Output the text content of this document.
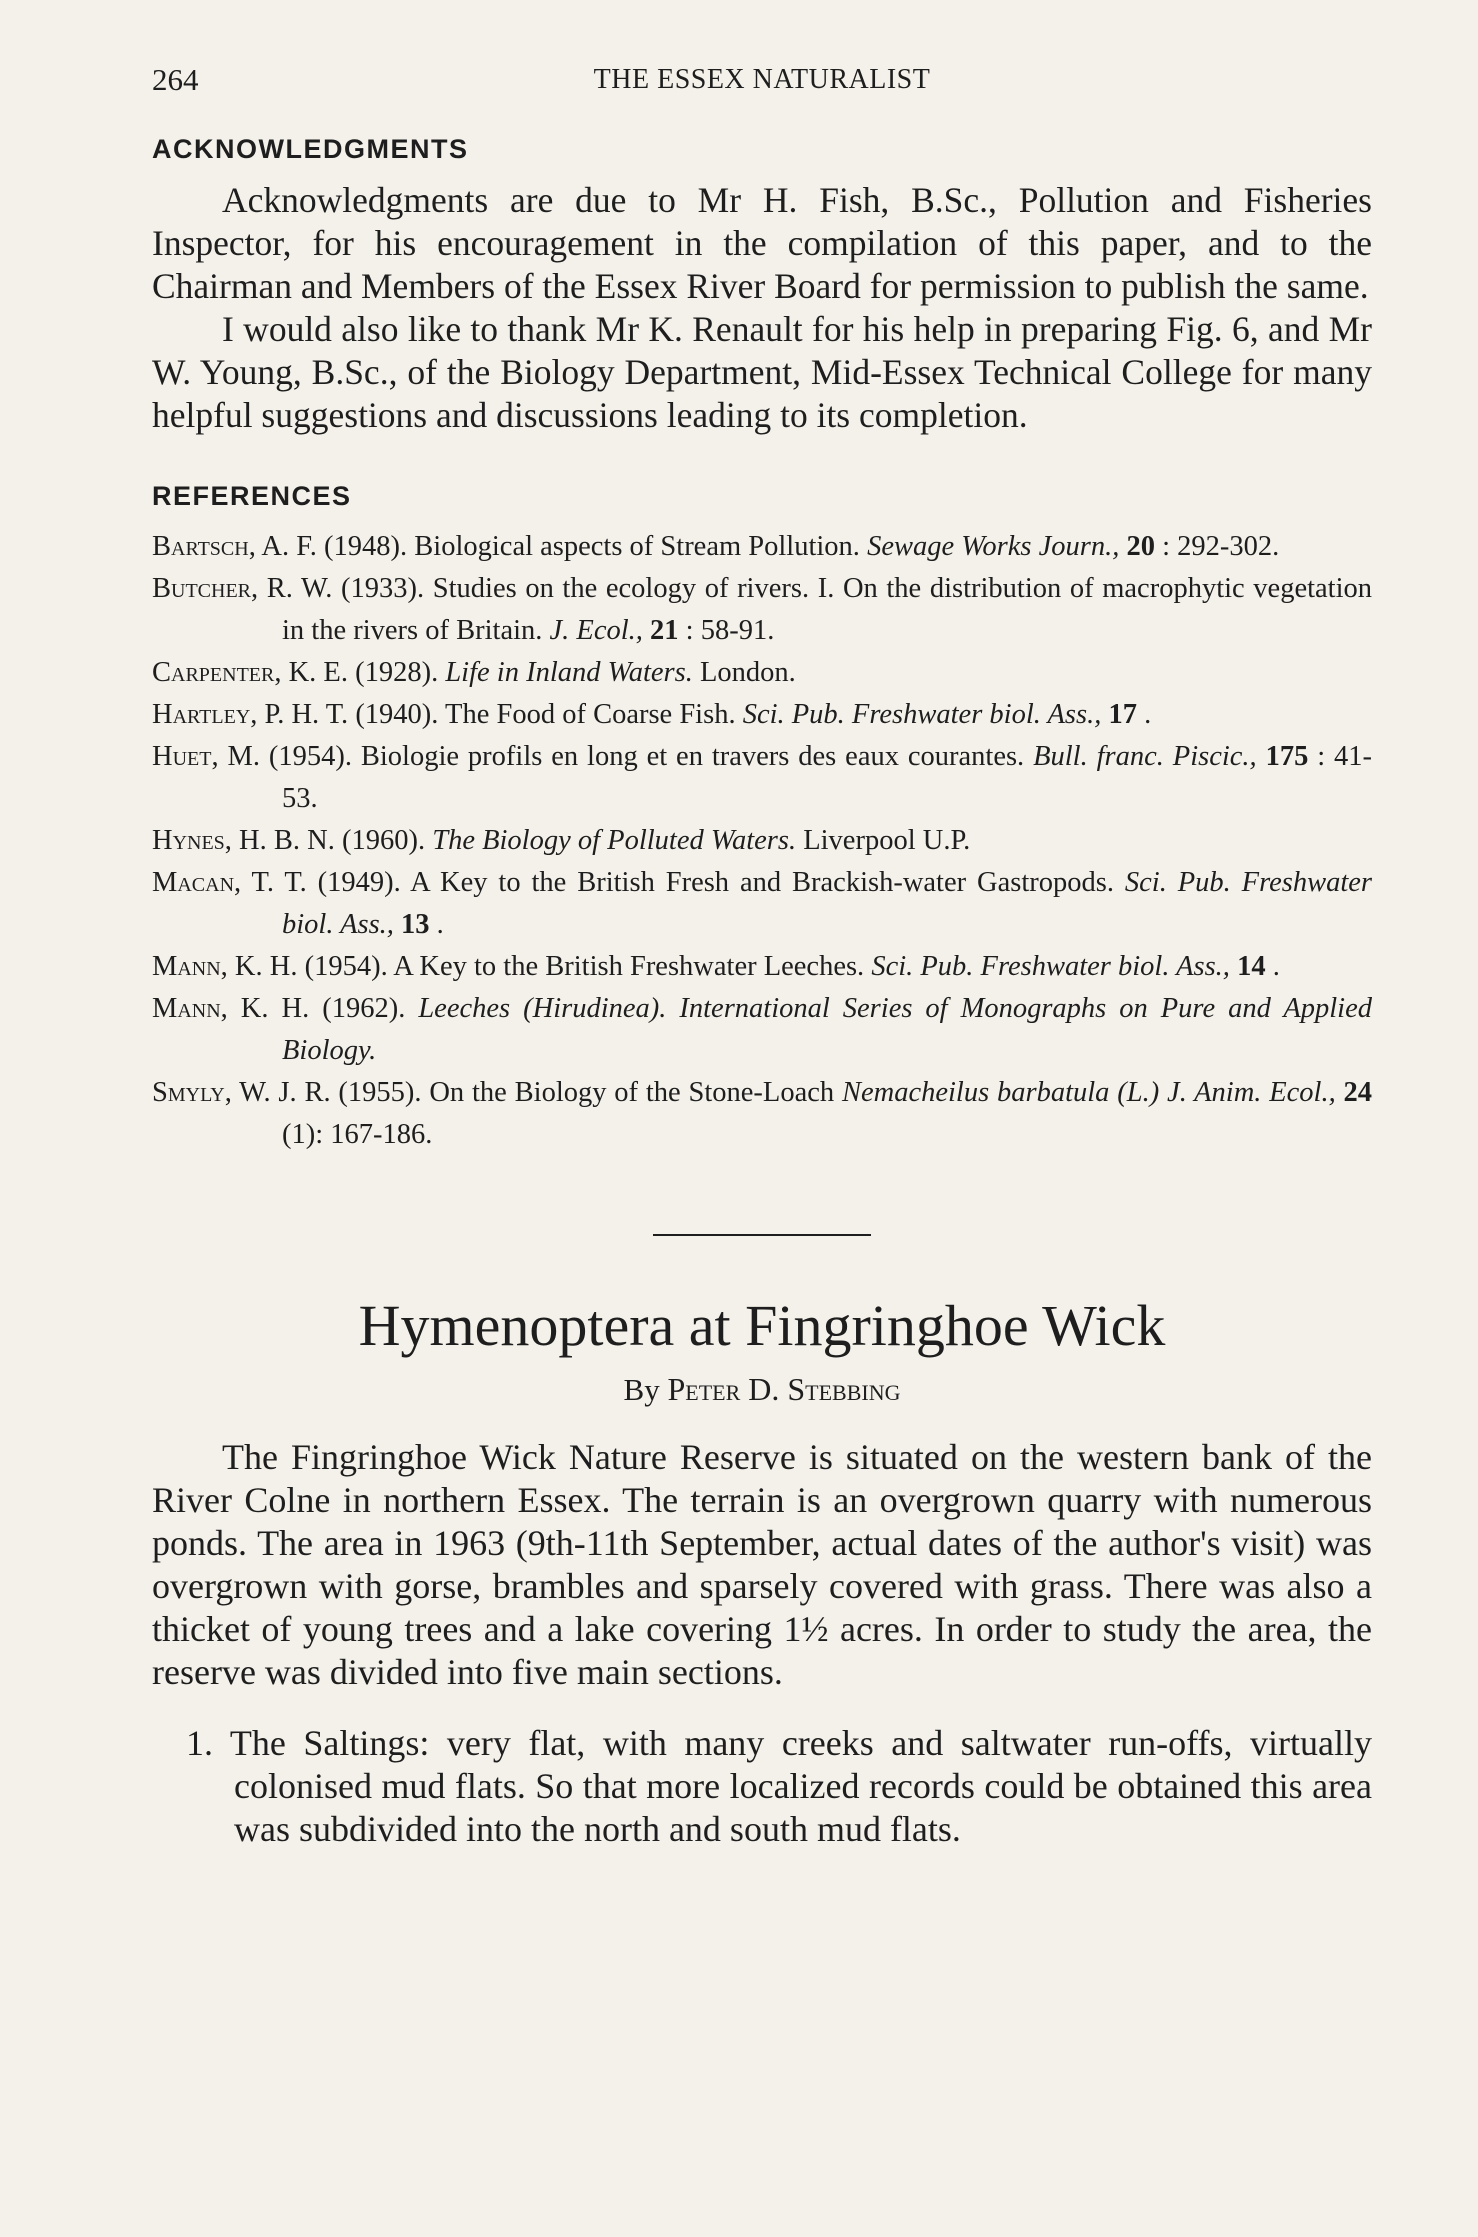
264	THE ESSEX NATURALIST
ACKNOWLEDGMENTS

Acknowledgments are due to Mr H. Fish, B.Sc., Pollution and Fisheries Inspector, for his encouragement in the compilation of this paper, and to the Chairman and Members of the Essex River Board for permission to publish the same.

I would also like to thank Mr K. Renault for his help in preparing Fig. 6, and Mr W. Young, B.Sc., of the Biology Department, Mid-Essex Technical College for many helpful suggestions and discussions leading to its completion.

REFERENCES

Bartsch, A. F. (1948). Biological aspects of Stream Pollution. Sewage Works Journ., 20 : 292-302.

Butcher, R. W. (1933). Studies on the ecology of rivers. I. On the distribution of macrophytic vegetation in the rivers of Britain. J. Ecol., 21 : 58-91.

Carpenter, K. E. (1928). Life in Inland Waters. London.

Hartley, P. H. T. (1940). The Food of Coarse Fish. Sci. Pub. Freshwater biol. Ass., 17 .

Huet, M. (1954). Biologie profils en long et en travers des eaux courantes. Bull. franc. Piscic., 175 : 41-53.

Hynes, H. B. N. (1960). The Biology of Polluted Waters. Liverpool U.P.

Macan, T. T. (1949). A Key to the British Fresh and Brackish-water Gastropods. Sci. Pub. Freshwater biol. Ass., 13 .

Mann, K. H. (1954). A Key to the British Freshwater Leeches. Sci. Pub. Freshwater biol. Ass., 14 .

Mann, K. H. (1962). Leeches (Hirudinea). International Series of Monographs on Pure and Applied Biology.

Smyly, W. J. R. (1955). On the Biology of the Stone-Loach Nemacheilus barbatula (L.) J. Anim. Ecol., 24 (1): 167-186.

Hymenoptera at Fingringhoe Wick
By Peter D. Stebbing

The Fingringhoe Wick Nature Reserve is situated on the western bank of the River Colne in northern Essex. The terrain is an overgrown quarry with numerous ponds. The area in 1963 (9th-11th September, actual dates of the author's visit) was overgrown with gorse, brambles and sparsely covered with grass. There was also a thicket of young trees and a lake covering 1½ acres. In order to study the area, the reserve was divided into five main sections.

1. The Saltings: very flat, with many creeks and saltwater run-offs, virtually colonised mud flats. So that more localized records could be obtained this area was subdivided into the north and south mud flats.
